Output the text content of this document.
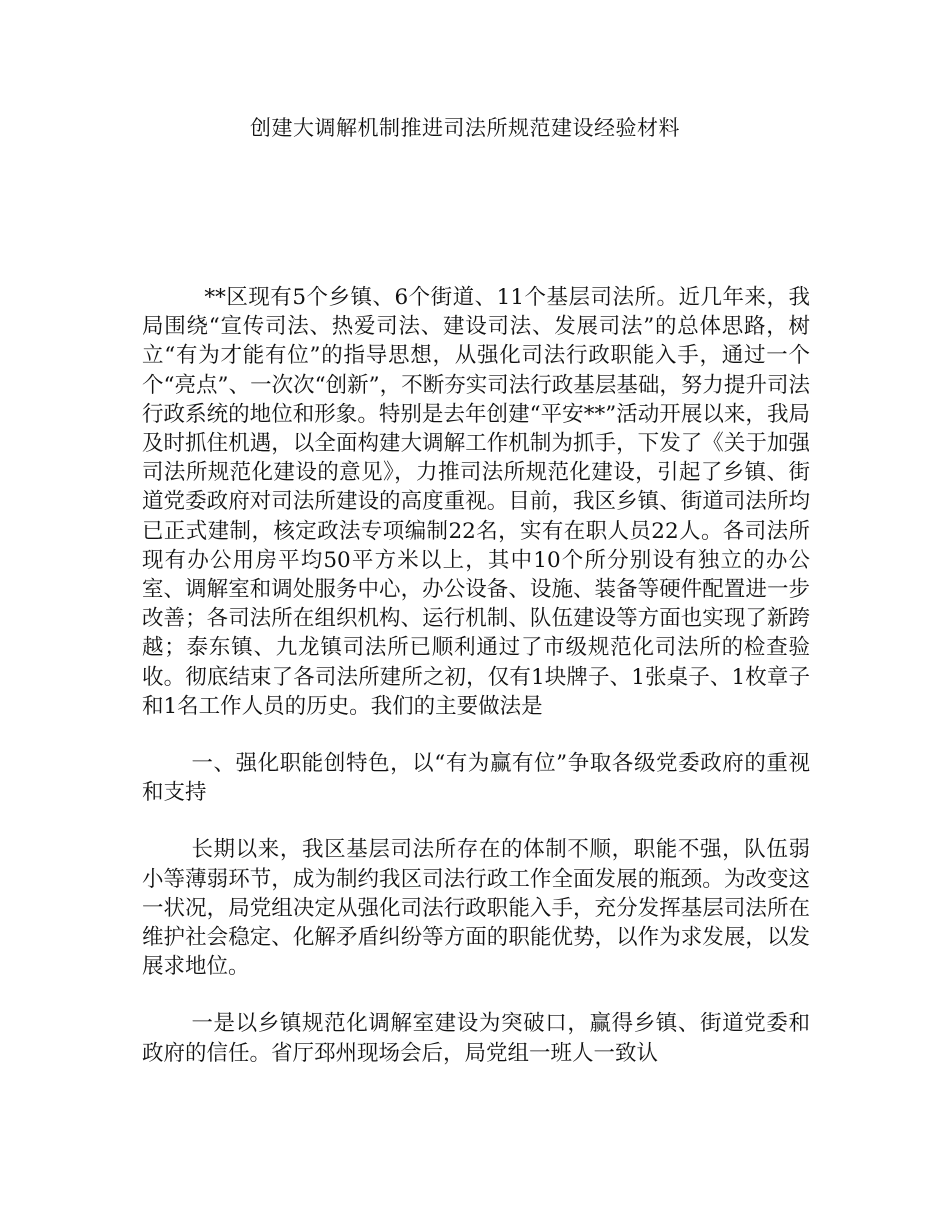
创建大调解机制推进司法所规范建设经验材料

**区现有5个乡镇、6个街道、11个基层司法所。近几年来，我局围绕“宣传司法、热爱司法、建设司法、发展司法”的总体思路，树立“有为才能有位”的指导思想，从强化司法行政职能入手，通过一个个“亮点”、一次次“创新”，不断夯实司法行政基层基础，努力提升司法行政系统的地位和形象。特别是去年创建“平安**”活动开展以来，我局及时抓住机遇，以全面构建大调解工作机制为抓手，下发了《关于加强司法所规范化建设的意见》，力推司法所规范化建设，引起了乡镇、街道党委政府对司法所建设的高度重视。目前，我区乡镇、街道司法所均已正式建制，核定政法专项编制22名，实有在职人员22人。各司法所现有办公用房平均50平方米以上，其中10个所分别设有独立的办公室、调解室和调处服务中心，办公设备、设施、装备等硬件配置进一步改善；各司法所在组织机构、运行机制、队伍建设等方面也实现了新跨越；泰东镇、九龙镇司法所已顺利通过了市级规范化司法所的检查验收。彻底结束了各司法所建所之初，仅有1块牌子、1张桌子、1枚章子和1名工作人员的历史。我们的主要做法是

一、强化职能创特色，以“有为赢有位”争取各级党委政府的重视和支持

长期以来，我区基层司法所存在的体制不顺，职能不强，队伍弱小等薄弱环节，成为制约我区司法行政工作全面发展的瓶颈。为改变这一状况，局党组决定从强化司法行政职能入手，充分发挥基层司法所在维护社会稳定、化解矛盾纠纷等方面的职能优势，以作为求发展，以发展求地位。

一是以乡镇规范化调解室建设为突破口，赢得乡镇、街道党委和政府的信任。省厅邳州现场会后，局党组一班人一致认
